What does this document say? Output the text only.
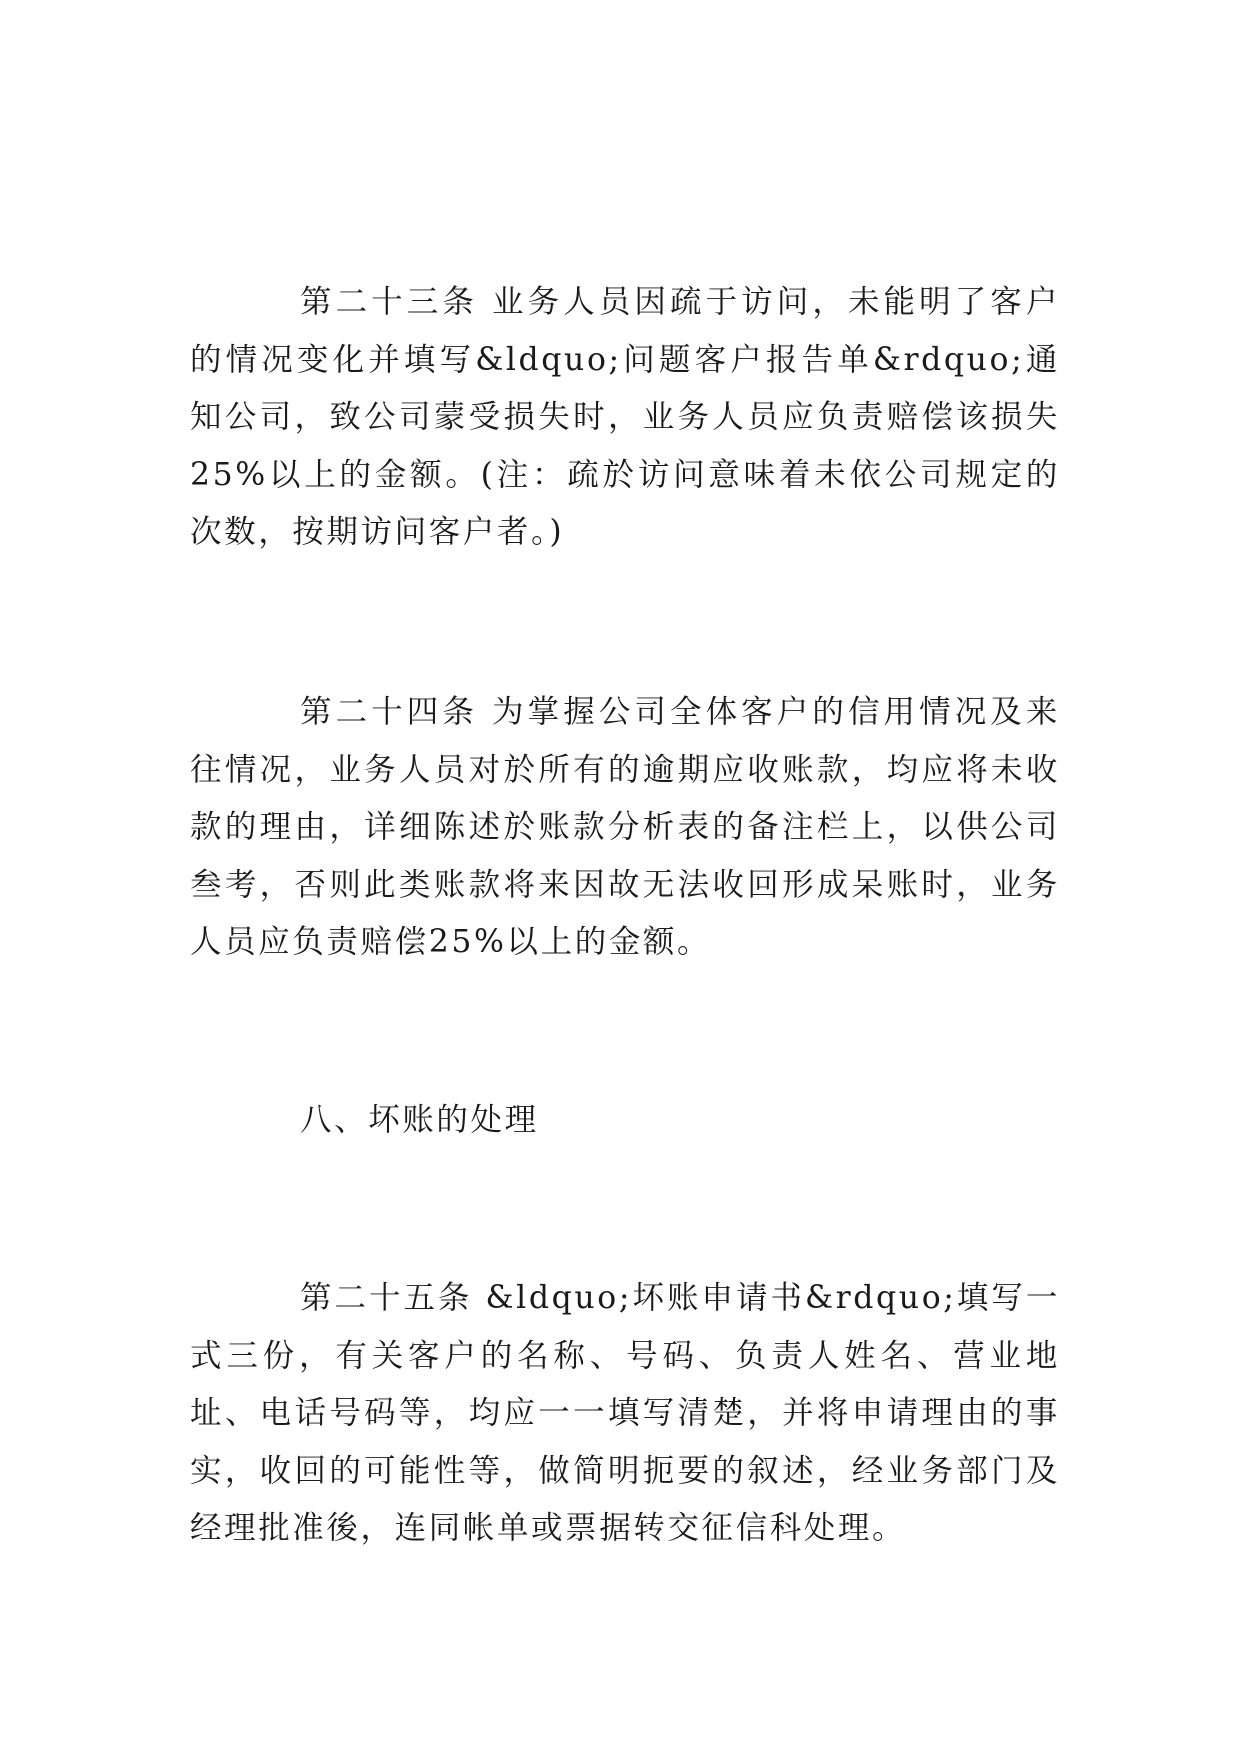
第二十三条 业务人员因疏于访问，未能明了客户的情况变化并填写&ldquo;问题客户报告单&rdquo;通知公司，致公司蒙受损失时，业务人员应负责赔偿该损失25%以上的金额。(注：疏於访问意味着未依公司规定的次数，按期访问客户者。)

第二十四条 为掌握公司全体客户的信用情况及来往情况，业务人员对於所有的逾期应收账款，均应将未收款的理由，详细陈述於账款分析表的备注栏上，以供公司叁考，否则此类账款将来因故无法收回形成呆账时，业务人员应负责赔偿25%以上的金额。

八、坏账的处理

第二十五条 &ldquo;坏账申请书&rdquo;填写一式三份，有关客户的名称、号码、负责人姓名、营业地址、电话号码等，均应一一填写清楚，并将申请理由的事实，收回的可能性等，做简明扼要的叙述，经业务部门及经理批准後，连同帐单或票据转交征信科处理。
